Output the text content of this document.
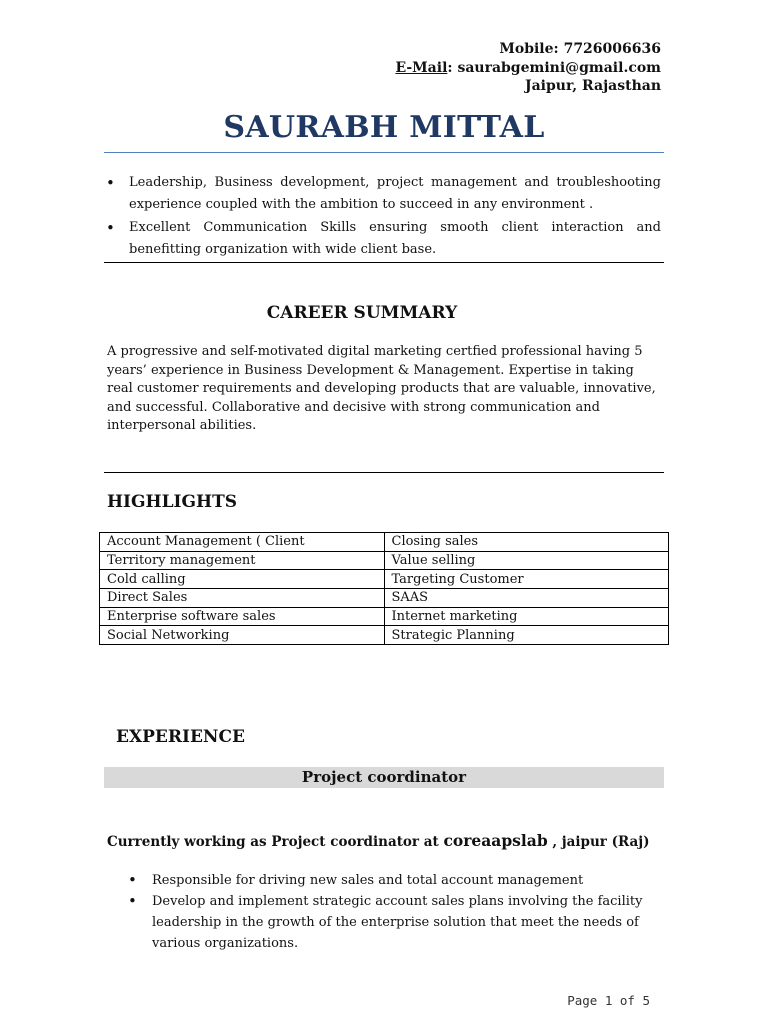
Mobile: 7726006636
E-Mail: saurabgemini@gmail.com
Jaipur, Rajasthan
SAURABH MITTAL
• Leadership, Business development, project management and troubleshooting experience coupled with the ambition to succeed in any environment .
• Excellent Communication Skills ensuring smooth client interaction and benefitting organization with wide client base.
CAREER SUMMARY
A progressive and self-motivated digital marketing certfied professional having 5 years’ experience in Business Development & Management. Expertise in taking real customer requirements and developing products that are valuable, innovative, and successful. Collaborative and decisive with strong communication and interpersonal abilities.
HIGHLIGHTS
Account Management ( Client	Closing sales
Territory management	Value selling
Cold calling	Targeting Customer
Direct Sales	SAAS
Enterprise software sales	Internet marketing
Social Networking	Strategic Planning
EXPERIENCE
Project coordinator
Currently working as Project coordinator at coreaapslab , jaipur (Raj)
• Responsible for driving new sales and total account management
• Develop and implement strategic account sales plans involving the facility leadership in the growth of the enterprise solution that meet the needs of various organizations.
Page 1 of 5
